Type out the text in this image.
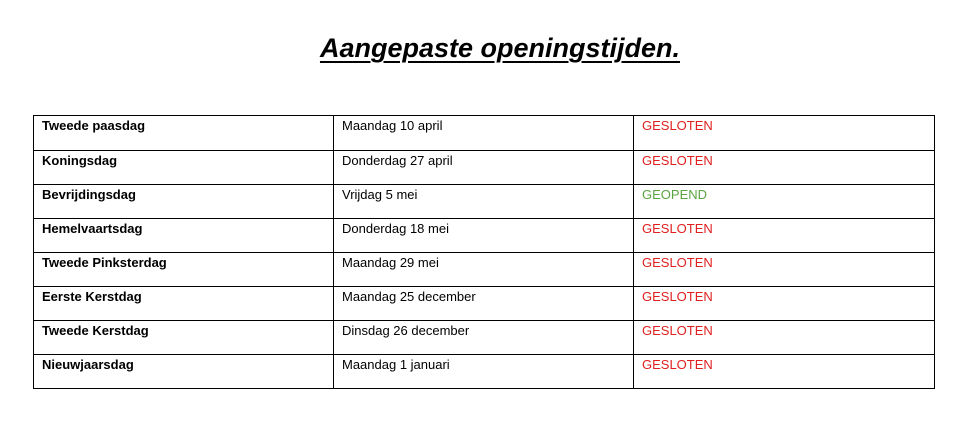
Aangepaste openingstijden.
Tweede paasdag	Maandag 10 april	GESLOTEN
Koningsdag	Donderdag 27 april	GESLOTEN
Bevrijdingsdag	Vrijdag 5 mei	GEOPEND
Hemelvaartsdag	Donderdag 18 mei	GESLOTEN
Tweede Pinksterdag	Maandag 29 mei	GESLOTEN
Eerste Kerstdag	Maandag 25 december	GESLOTEN
Tweede Kerstdag	Dinsdag 26 december	GESLOTEN
Nieuwjaarsdag	Maandag 1 januari	GESLOTEN
